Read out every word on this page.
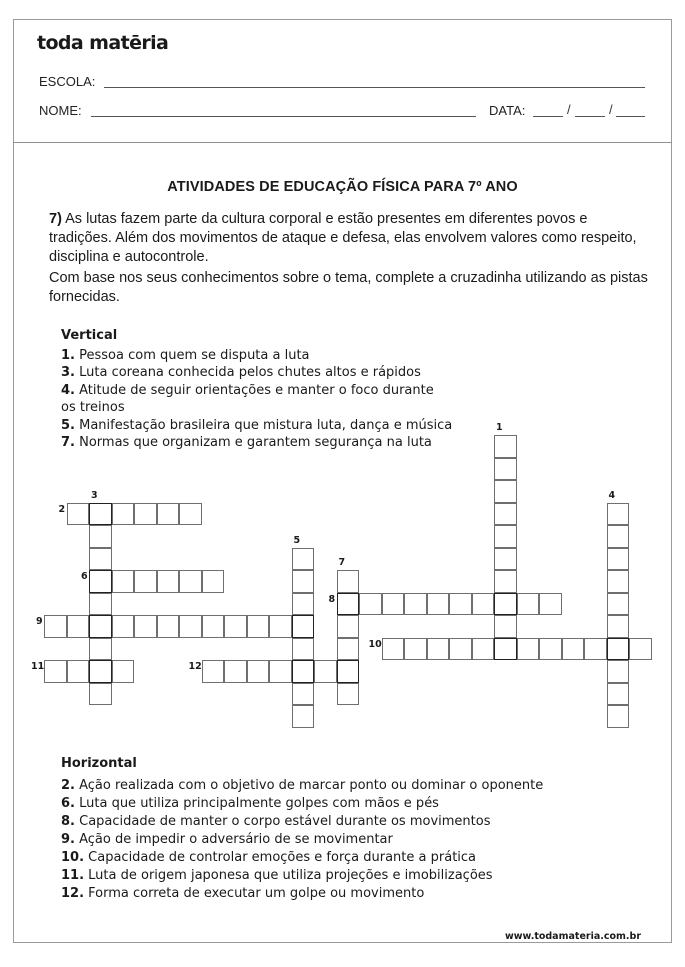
toda matēria
ESCOLA:
NOME:	DATA:	/	/
ATIVIDADES DE EDUCAÇÃO FÍSICA PARA 7º ANO
7) As lutas fazem parte da cultura corporal e estão presentes em diferentes povos e tradições. Além dos movimentos de ataque e defesa, elas envolvem valores como respeito, disciplina e autocontrole.
Com base nos seus conhecimentos sobre o tema, complete a cruzadinha utilizando as pistas fornecidas.
Vertical
1. Pessoa com quem se disputa a luta
3. Luta coreana conhecida pelos chutes altos e rápidos
4. Atitude de seguir orientações e manter o foco durante os treinos
5. Manifestação brasileira que mistura luta, dança e música
7. Normas que organizam e garantem segurança na luta
1
2
3	4
5
6
7
8
9
10
11	12
Horizontal
2. Ação realizada com o objetivo de marcar ponto ou dominar o oponente
6. Luta que utiliza principalmente golpes com mãos e pés
8. Capacidade de manter o corpo estável durante os movimentos
9. Ação de impedir o adversário de se movimentar
10. Capacidade de controlar emoções e força durante a prática
11. Luta de origem japonesa que utiliza projeções e imobilizações
12. Forma correta de executar um golpe ou movimento
www.todamateria.com.br
